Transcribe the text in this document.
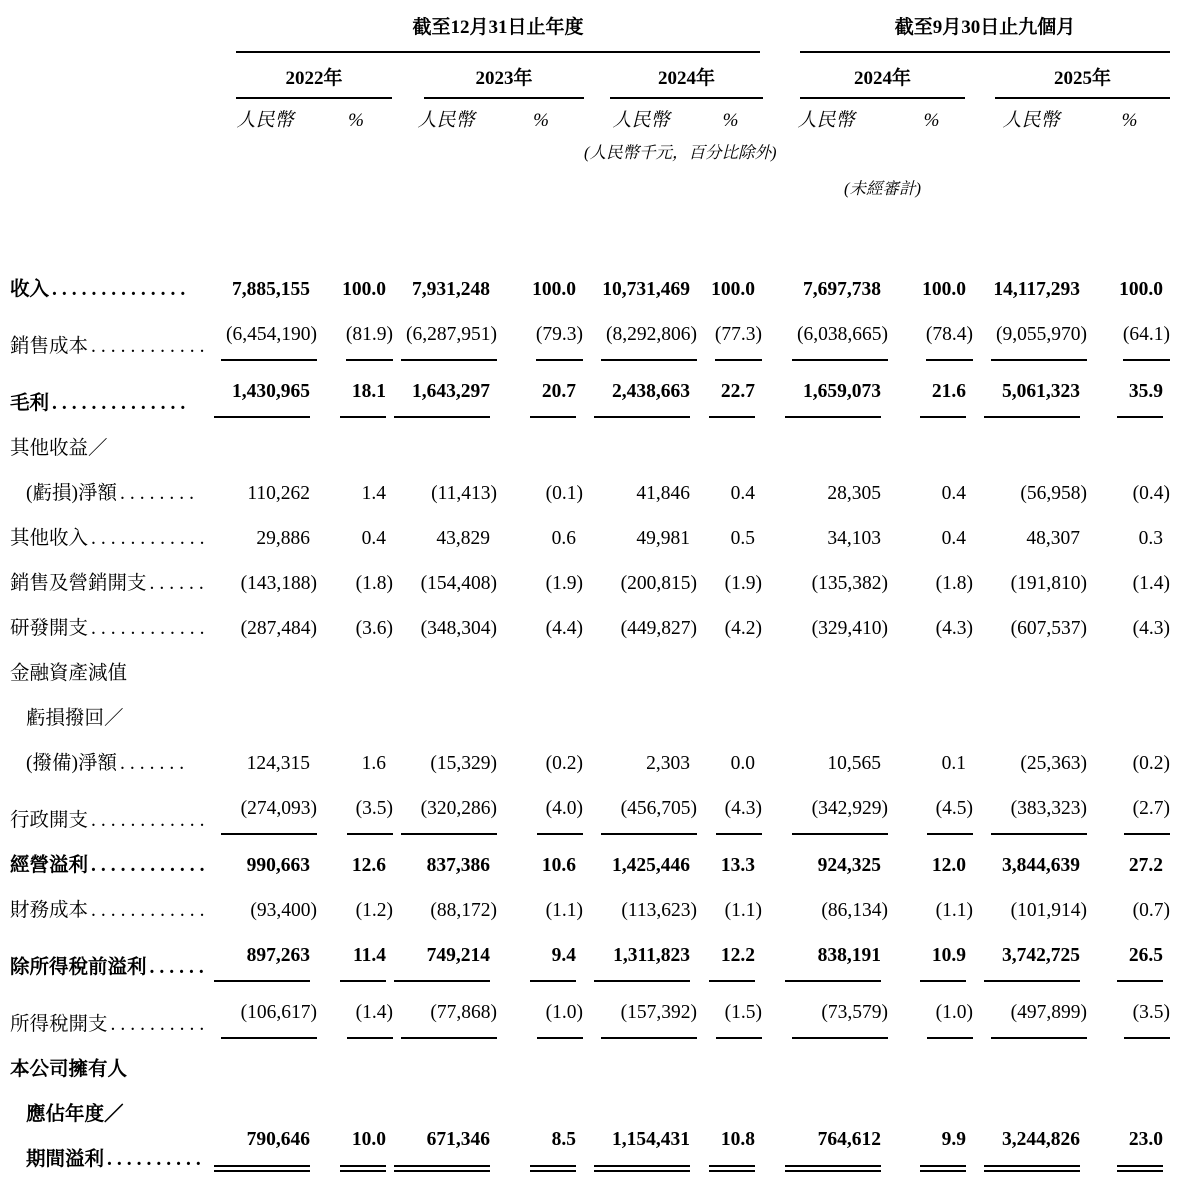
	截至12月31日止年度						截至9月30日止九個月			

	2022年		2023年		2024年		2024年		2025年	

	人民幣	%	人民幣	%	人民幣	%	人民幣	%	人民幣	%

					(人民幣千元，百分比除外)					

							(未經審計)			

收入 ..............	7,885,155	100.0	7,931,248	100.0	10,731,469	100.0	7,697,738	100.0	14,117,293	100.0

銷售成本 ............	(6,454,190)	(81.9)	(6,287,951)	(79.3)	(8,292,806)	(77.3)	(6,038,665)	(78.4)	(9,055,970)	(64.1)

毛利 ..............	1,430,965	18.1	1,643,297	20.7	2,438,663	22.7	1,659,073	21.6	5,061,323	35.9

其他收益／
(虧損)淨額 ........	110,262	1.4	(11,413)	(0.1)	41,846	0.4	28,305	0.4	(56,958)	(0.4)

其他收入 ............	29,886	0.4	43,829	0.6	49,981	0.5	34,103	0.4	48,307	0.3

銷售及營銷開支 ......	(143,188)	(1.8)	(154,408)	(1.9)	(200,815)	(1.9)	(135,382)	(1.8)	(191,810)	(1.4)

研發開支 ............	(287,484)	(3.6)	(348,304)	(4.4)	(449,827)	(4.2)	(329,410)	(4.3)	(607,537)	(4.3)

金融資產減值
虧損撥回／
(撥備)淨額 .......	124,315	1.6	(15,329)	(0.2)	2,303	0.0	10,565	0.1	(25,363)	(0.2)

行政開支 ............	(274,093)	(3.5)	(320,286)	(4.0)	(456,705)	(4.3)	(342,929)	(4.5)	(383,323)	(2.7)

經營溢利 ............	990,663	12.6	837,386	10.6	1,425,446	13.3	924,325	12.0	3,844,639	27.2

財務成本 ............	(93,400)	(1.2)	(88,172)	(1.1)	(113,623)	(1.1)	(86,134)	(1.1)	(101,914)	(0.7)

除所得稅前溢利 ......	897,263	11.4	749,214	9.4	1,311,823	12.2	838,191	10.9	3,742,725	26.5

所得稅開支 ..........	(106,617)	(1.4)	(77,868)	(1.0)	(157,392)	(1.5)	(73,579)	(1.0)	(497,899)	(3.5)

本公司擁有人
應佔年度／
期間溢利 ..........	790,646	10.0	671,346	8.5	1,154,431	10.8	764,612	9.9	3,244,826	23.0
